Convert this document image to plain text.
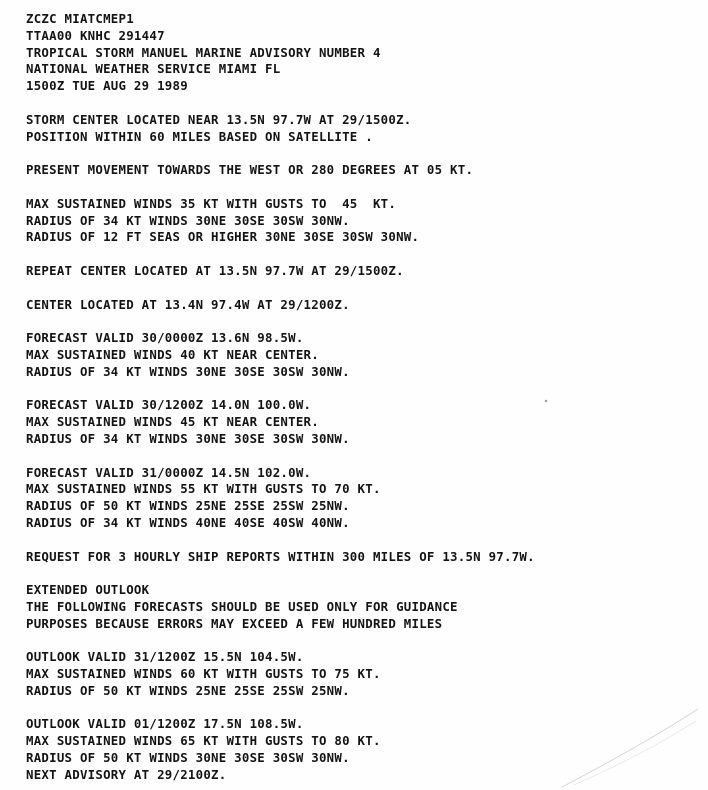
ZCZC MIATCMEP1
TTAA00 KNHC 291447
TROPICAL STORM MANUEL MARINE ADVISORY NUMBER 4
NATIONAL WEATHER SERVICE MIAMI FL
1500Z TUE AUG 29 1989
STORM CENTER LOCATED NEAR 13.5N 97.7W AT 29/1500Z.
POSITION WITHIN 60 MILES BASED ON SATELLITE .
PRESENT MOVEMENT TOWARDS THE WEST OR 280 DEGREES AT 05 KT.
MAX SUSTAINED WINDS 35 KT WITH GUSTS TO  45  KT.
RADIUS OF 34 KT WINDS 30NE 30SE 30SW 30NW.
RADIUS OF 12 FT SEAS OR HIGHER 30NE 30SE 30SW 30NW.
REPEAT CENTER LOCATED AT 13.5N 97.7W AT 29/1500Z.
CENTER LOCATED AT 13.4N 97.4W AT 29/1200Z.
FORECAST VALID 30/0000Z 13.6N 98.5W.
MAX SUSTAINED WINDS 40 KT NEAR CENTER.
RADIUS OF 34 KT WINDS 30NE 30SE 30SW 30NW.
FORECAST VALID 30/1200Z 14.0N 100.0W.
MAX SUSTAINED WINDS 45 KT NEAR CENTER.
RADIUS OF 34 KT WINDS 30NE 30SE 30SW 30NW.
FORECAST VALID 31/0000Z 14.5N 102.0W.
MAX SUSTAINED WINDS 55 KT WITH GUSTS TO 70 KT.
RADIUS OF 50 KT WINDS 25NE 25SE 25SW 25NW.
RADIUS OF 34 KT WINDS 40NE 40SE 40SW 40NW.
REQUEST FOR 3 HOURLY SHIP REPORTS WITHIN 300 MILES OF 13.5N 97.7W.
EXTENDED OUTLOOK
THE FOLLOWING FORECASTS SHOULD BE USED ONLY FOR GUIDANCE
PURPOSES BECAUSE ERRORS MAY EXCEED A FEW HUNDRED MILES
OUTLOOK VALID 31/1200Z 15.5N 104.5W.
MAX SUSTAINED WINDS 60 KT WITH GUSTS TO 75 KT.
RADIUS OF 50 KT WINDS 25NE 25SE 25SW 25NW.
OUTLOOK VALID 01/1200Z 17.5N 108.5W.
MAX SUSTAINED WINDS 65 KT WITH GUSTS TO 80 KT.
RADIUS OF 50 KT WINDS 30NE 30SE 30SW 30NW.
NEXT ADVISORY AT 29/2100Z.
